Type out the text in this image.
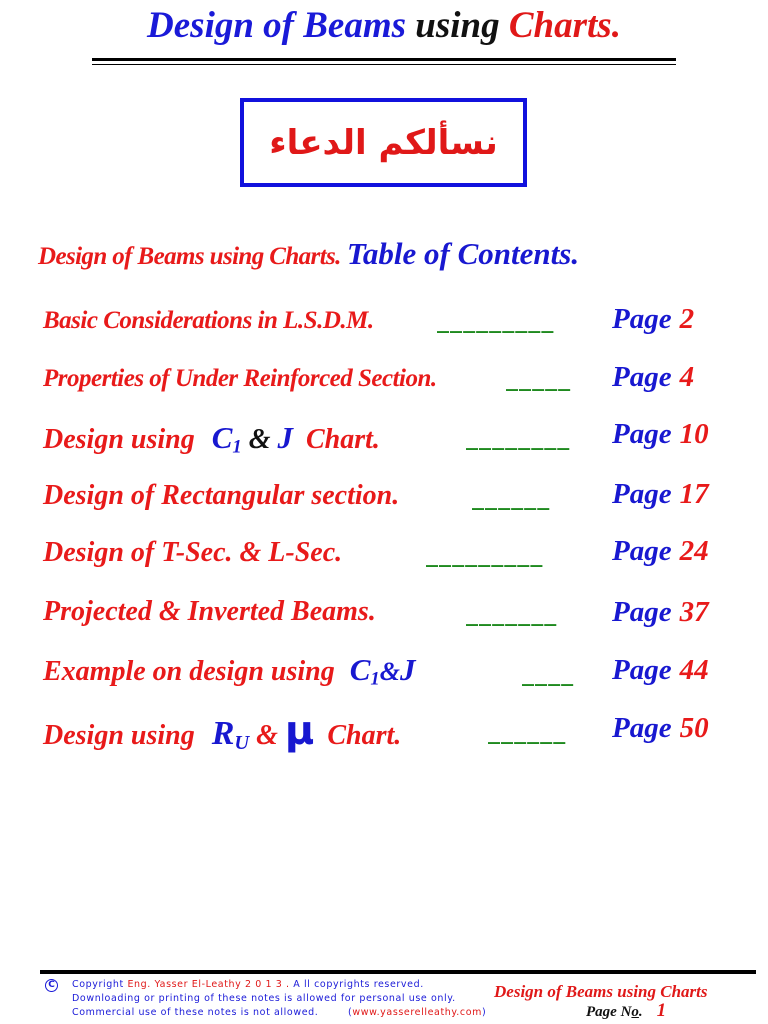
Design of Beams using Charts.
نسألكم الدعاء
Design of Beams using Charts. Table of Contents.
Basic Considerations in L.S.D.M.	_________ Page 2
Properties of Under Reinforced Section.	_____ Page 4
Design using $C_1$ & J Chart.	________ Page 10
Design of Rectangular section.	______ Page 17
Design of T-Sec. & L-Sec.	_________ Page 24
Projected & Inverted Beams.	_______ Page 37
Example on design using $C_1\&J$	____ Page 44
Design using $R_U$ & μ Chart.	______ Page 50
C	Copyright Eng. Yasser El-Leathy 2 0 1 3 . A ll copyrights reserved.
Downloading or printing of these notes is allowed for personal use only.
Commercial use of these notes is not allowed.	(www.yasserelleathy.com)
Design of Beams using Charts
Page No. 1
